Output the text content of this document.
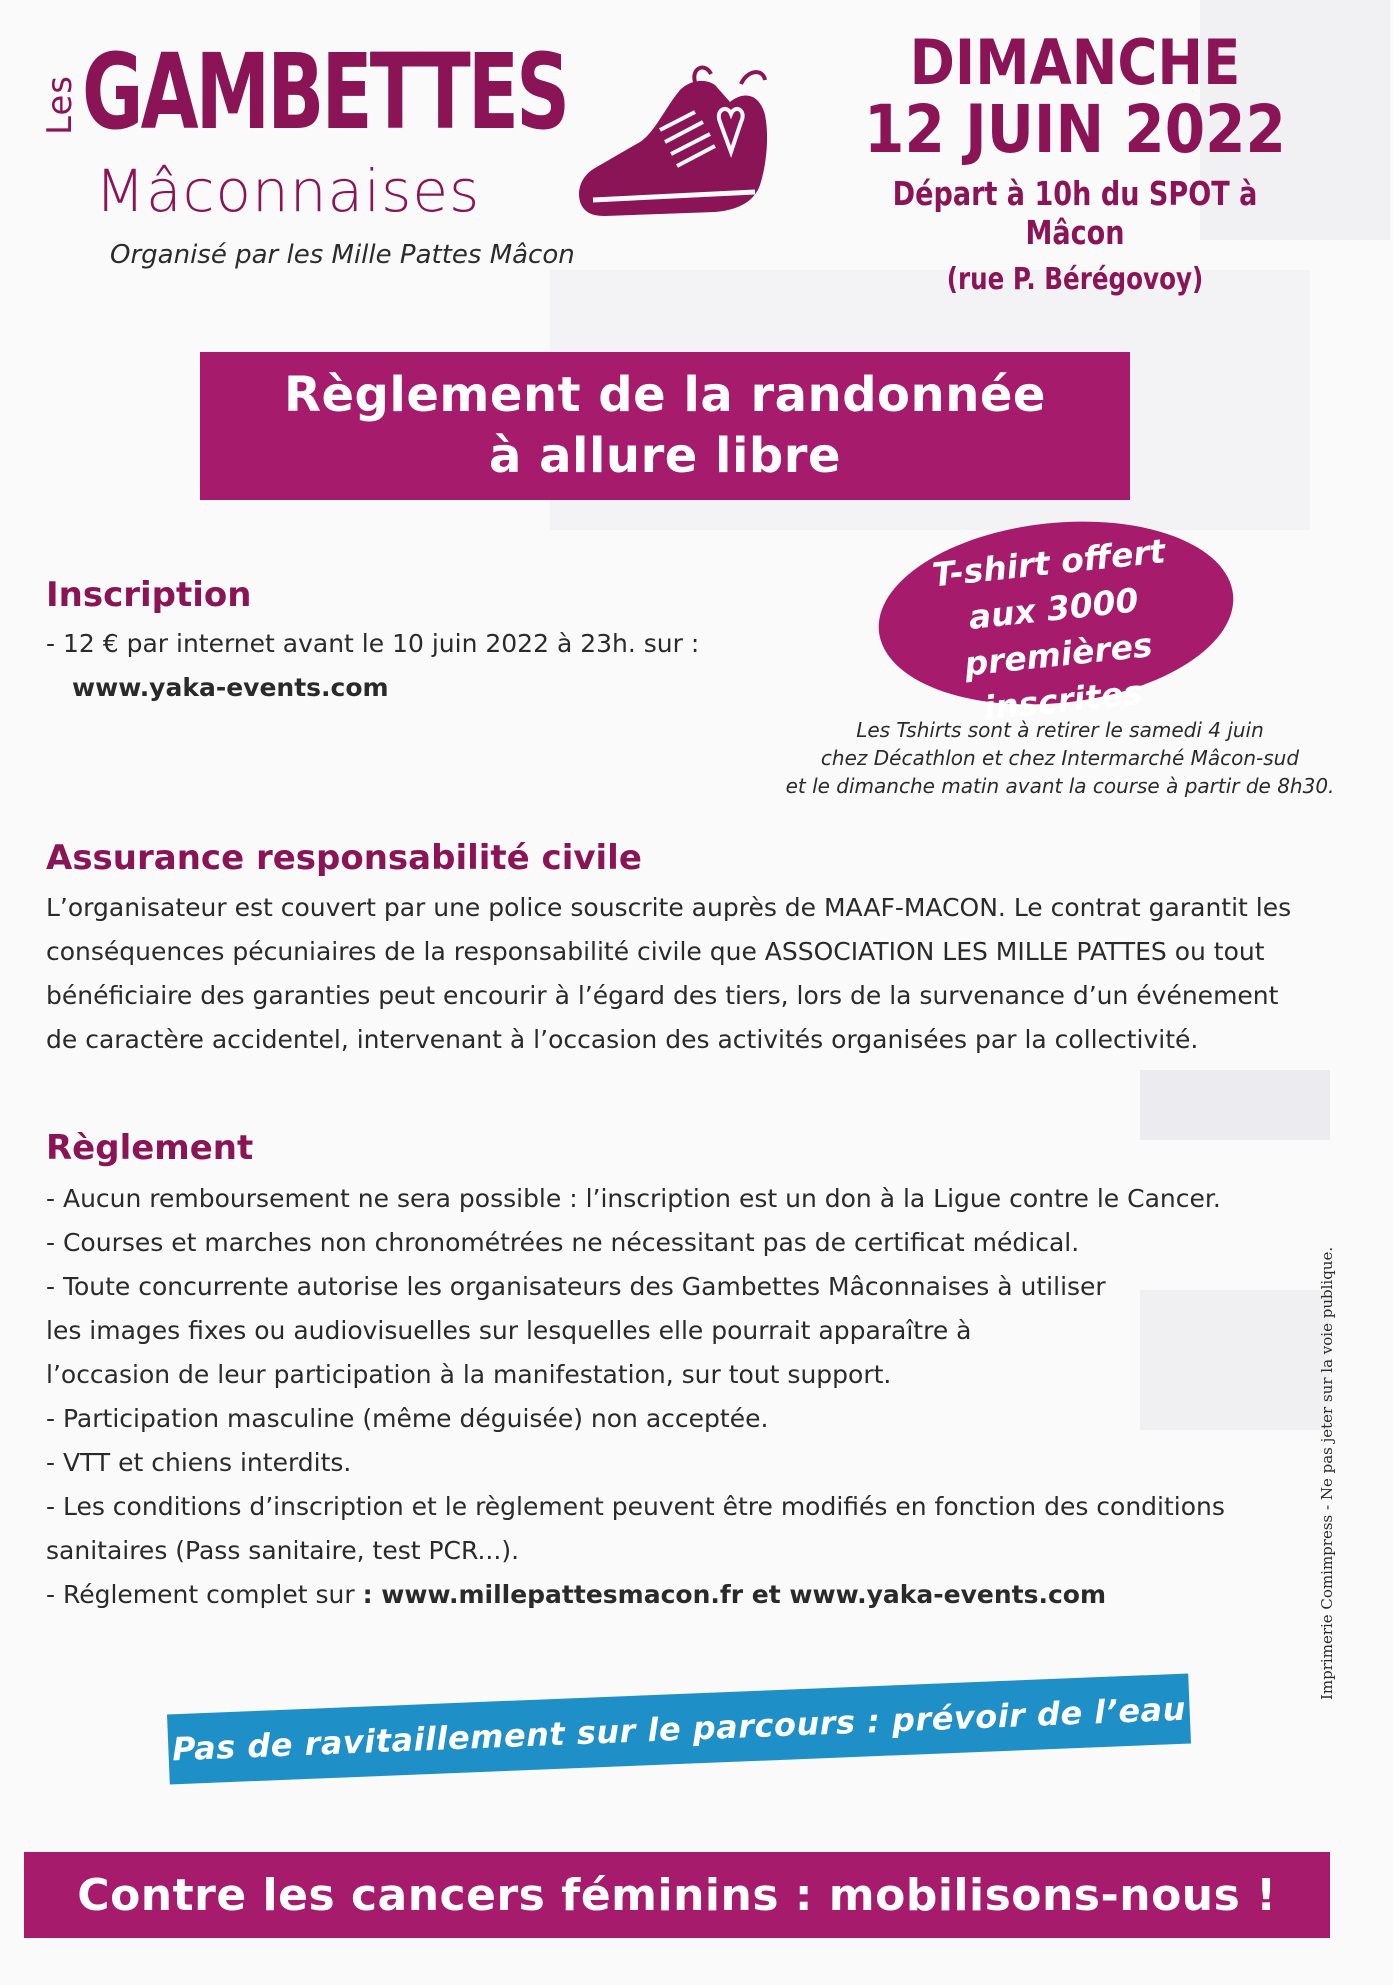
Les GAMBETTES
Mâconnaises
Organisé par les Mille Pattes Mâcon
DIMANCHE
12 JUIN 2022
Départ à 10h du SPOT à Mâcon
(rue P. Bérégovoy)
Règlement de la randonnée
à allure libre
Inscription
- 12 € par internet avant le 10 juin 2022 à 23h. sur :
www.yaka-events.com
T-shirt offert
aux 3000 premières
inscrites
Les Tshirts sont à retirer le samedi 4 juin
chez Décathlon et chez Intermarché Mâcon-sud
et le dimanche matin avant la course à partir de 8h30.
Assurance responsabilité civile
L’organisateur est couvert par une police souscrite auprès de MAAF-MACON. Le contrat garantit les
conséquences pécuniaires de la responsabilité civile que ASSOCIATION LES MILLE PATTES ou tout
bénéficiaire des garanties peut encourir à l’égard des tiers, lors de la survenance d’un événement
de caractère accidentel, intervenant à l’occasion des activités organisées par la collectivité.
Règlement
- Aucun remboursement ne sera possible : l’inscription est un don à la Ligue contre le Cancer.
- Courses et marches non chronométrées ne nécessitant pas de certificat médical.
- Toute concurrente autorise les organisateurs des Gambettes Mâconnaises à utiliser
les images fixes ou audiovisuelles sur lesquelles elle pourrait apparaître à
l’occasion de leur participation à la manifestation, sur tout support.
- Participation masculine (même déguisée) non acceptée.
- VTT et chiens interdits.
- Les conditions d’inscription et le règlement peuvent être modifiés en fonction des conditions
sanitaires (Pass sanitaire, test PCR...).
- Réglement complet sur : www.millepattesmacon.fr et www.yaka-events.com
Pas de ravitaillement sur le parcours : prévoir de l’eau
Contre les cancers féminins : mobilisons-nous !
Imprimerie Comimpress - Ne pas jeter sur la voie publique.
